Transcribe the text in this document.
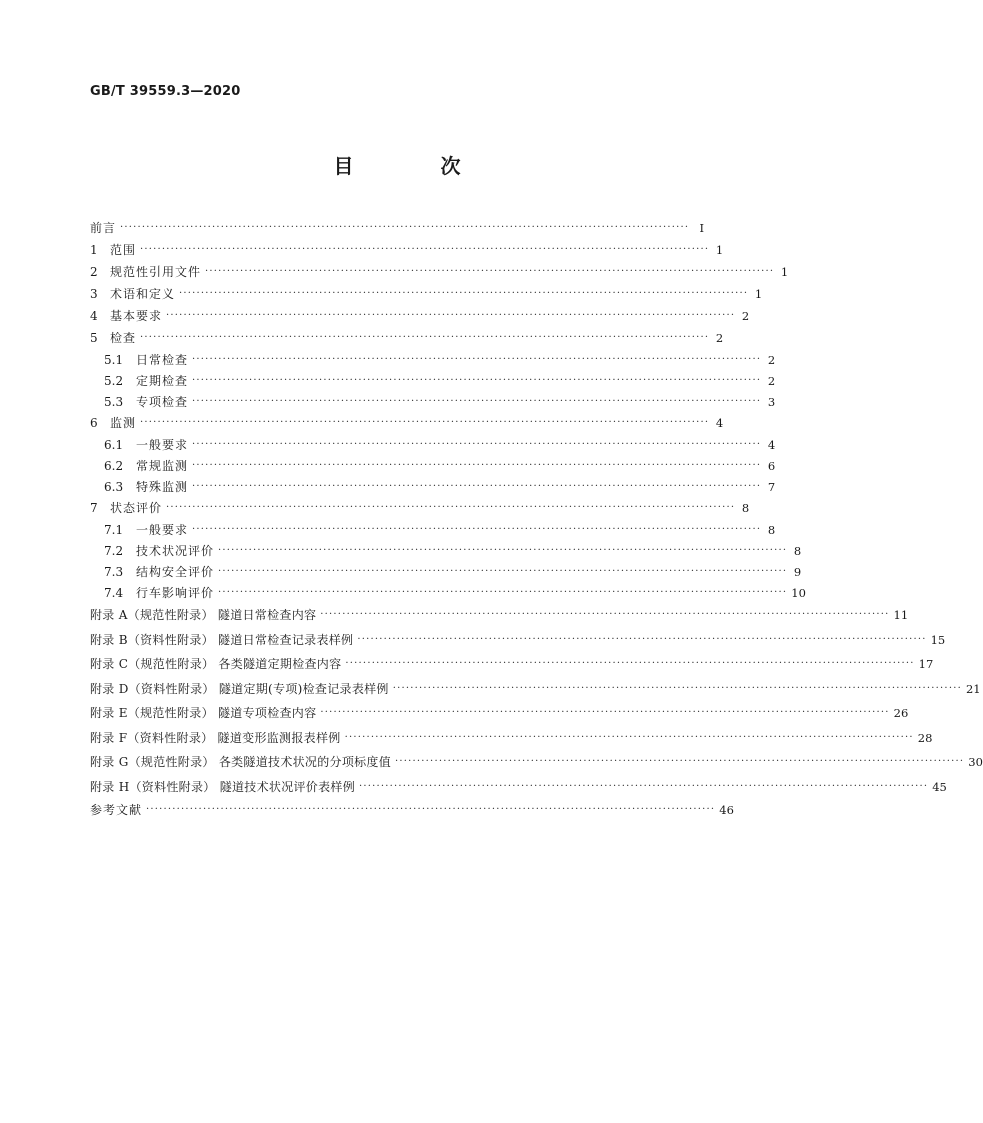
GB/T 39559.3—2020
目 次
前言 ·································································································································· Ⅰ
1	范围 ·································································································································· 1
2	规范性引用文件 ·································································································································· 1
3	术语和定义 ·································································································································· 1
4	基本要求 ·································································································································· 2
5	检查 ·································································································································· 2
5.1	日常检查 ·································································································································· 2
5.2	定期检查 ·································································································································· 2
5.3	专项检查 ·································································································································· 3
6	监测 ·································································································································· 4
6.1	一般要求 ·································································································································· 4
6.2	常规监测 ·································································································································· 6
6.3	特殊监测 ·································································································································· 7
7	状态评价 ·································································································································· 8
7.1	一般要求 ·································································································································· 8
7.2	技术状况评价 ·································································································································· 8
7.3	结构安全评价 ·································································································································· 9
7.4	行车影响评价 ·································································································································· 10
附录 A（规范性附录） 隧道日常检查内容 ·································································································································· 11
附录 B（资料性附录） 隧道日常检查记录表样例 ·································································································································· 15
附录 C（规范性附录） 各类隧道定期检查内容 ·································································································································· 17
附录 D（资料性附录） 隧道定期(专项)检查记录表样例 ·································································································································· 21
附录 E（规范性附录） 隧道专项检查内容 ·································································································································· 26
附录 F（资料性附录） 隧道变形监测报表样例 ·································································································································· 28
附录 G（规范性附录） 各类隧道技术状况的分项标度值 ·································································································································· 30
附录 H（资料性附录） 隧道技术状况评价表样例 ·································································································································· 45
参考文献 ·································································································································· 46
